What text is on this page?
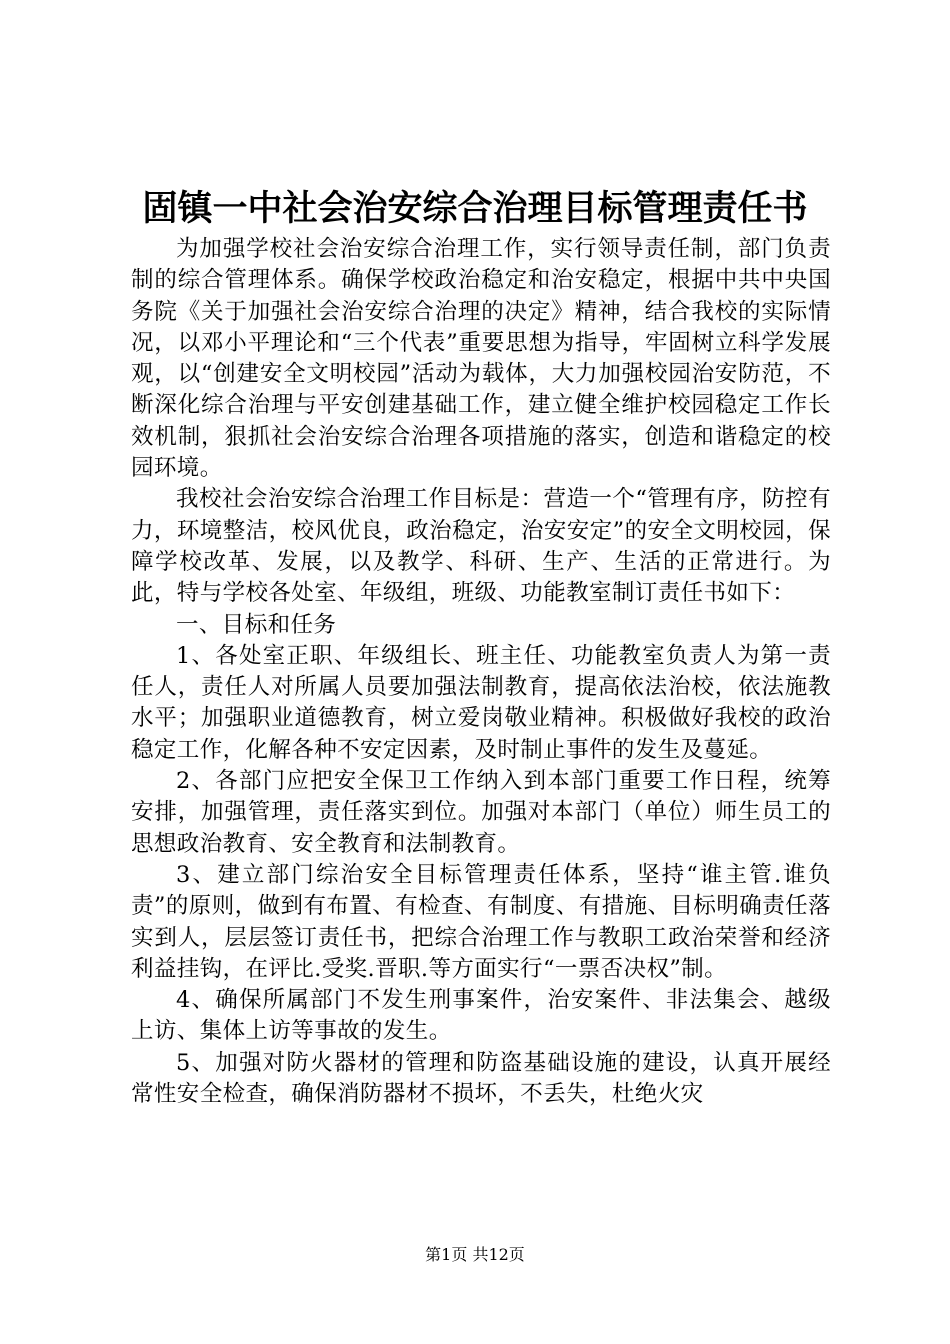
固镇一中社会治安综合治理目标管理责任书

为加强学校社会治安综合治理工作，实行领导责任制，部门负责制的综合管理体系。确保学校政治稳定和治安稳定，根据中共中央国务院《关于加强社会治安综合治理的决定》精神，结合我校的实际情况，以邓小平理论和“三个代表”重要思想为指导，牢固树立科学发展观，以“创建安全文明校园”活动为载体，大力加强校园治安防范，不断深化综合治理与平安创建基础工作，建立健全维护校园稳定工作长效机制，狠抓社会治安综合治理各项措施的落实，创造和谐稳定的校园环境。

我校社会治安综合治理工作目标是：营造一个“管理有序，防控有力，环境整洁，校风优良，政治稳定，治安安定”的安全文明校园，保障学校改革、发展，以及教学、科研、生产、生活的正常进行。为此，特与学校各处室、年级组，班级、功能教室制订责任书如下：

一、目标和任务

1、各处室正职、年级组长、班主任、功能教室负责人为第一责任人，责任人对所属人员要加强法制教育，提高依法治校，依法施教水平；加强职业道德教育，树立爱岗敬业精神。积极做好我校的政治稳定工作，化解各种不安定因素，及时制止事件的发生及蔓延。

2、各部门应把安全保卫工作纳入到本部门重要工作日程，统筹安排，加强管理，责任落实到位。加强对本部门（单位）师生员工的思想政治教育、安全教育和法制教育。

3、建立部门综治安全目标管理责任体系，坚持“谁主管.谁负责”的原则，做到有布置、有检查、有制度、有措施、目标明确责任落实到人，层层签订责任书，把综合治理工作与教职工政治荣誉和经济利益挂钩，在评比.受奖.晋职.等方面实行“一票否决权”制。

4、确保所属部门不发生刑事案件，治安案件、非法集会、越级上访、集体上访等事故的发生。

5、加强对防火器材的管理和防盗基础设施的建设，认真开展经常性安全检查，确保消防器材不损坏，不丢失，杜绝火灾

第1页 共12页
